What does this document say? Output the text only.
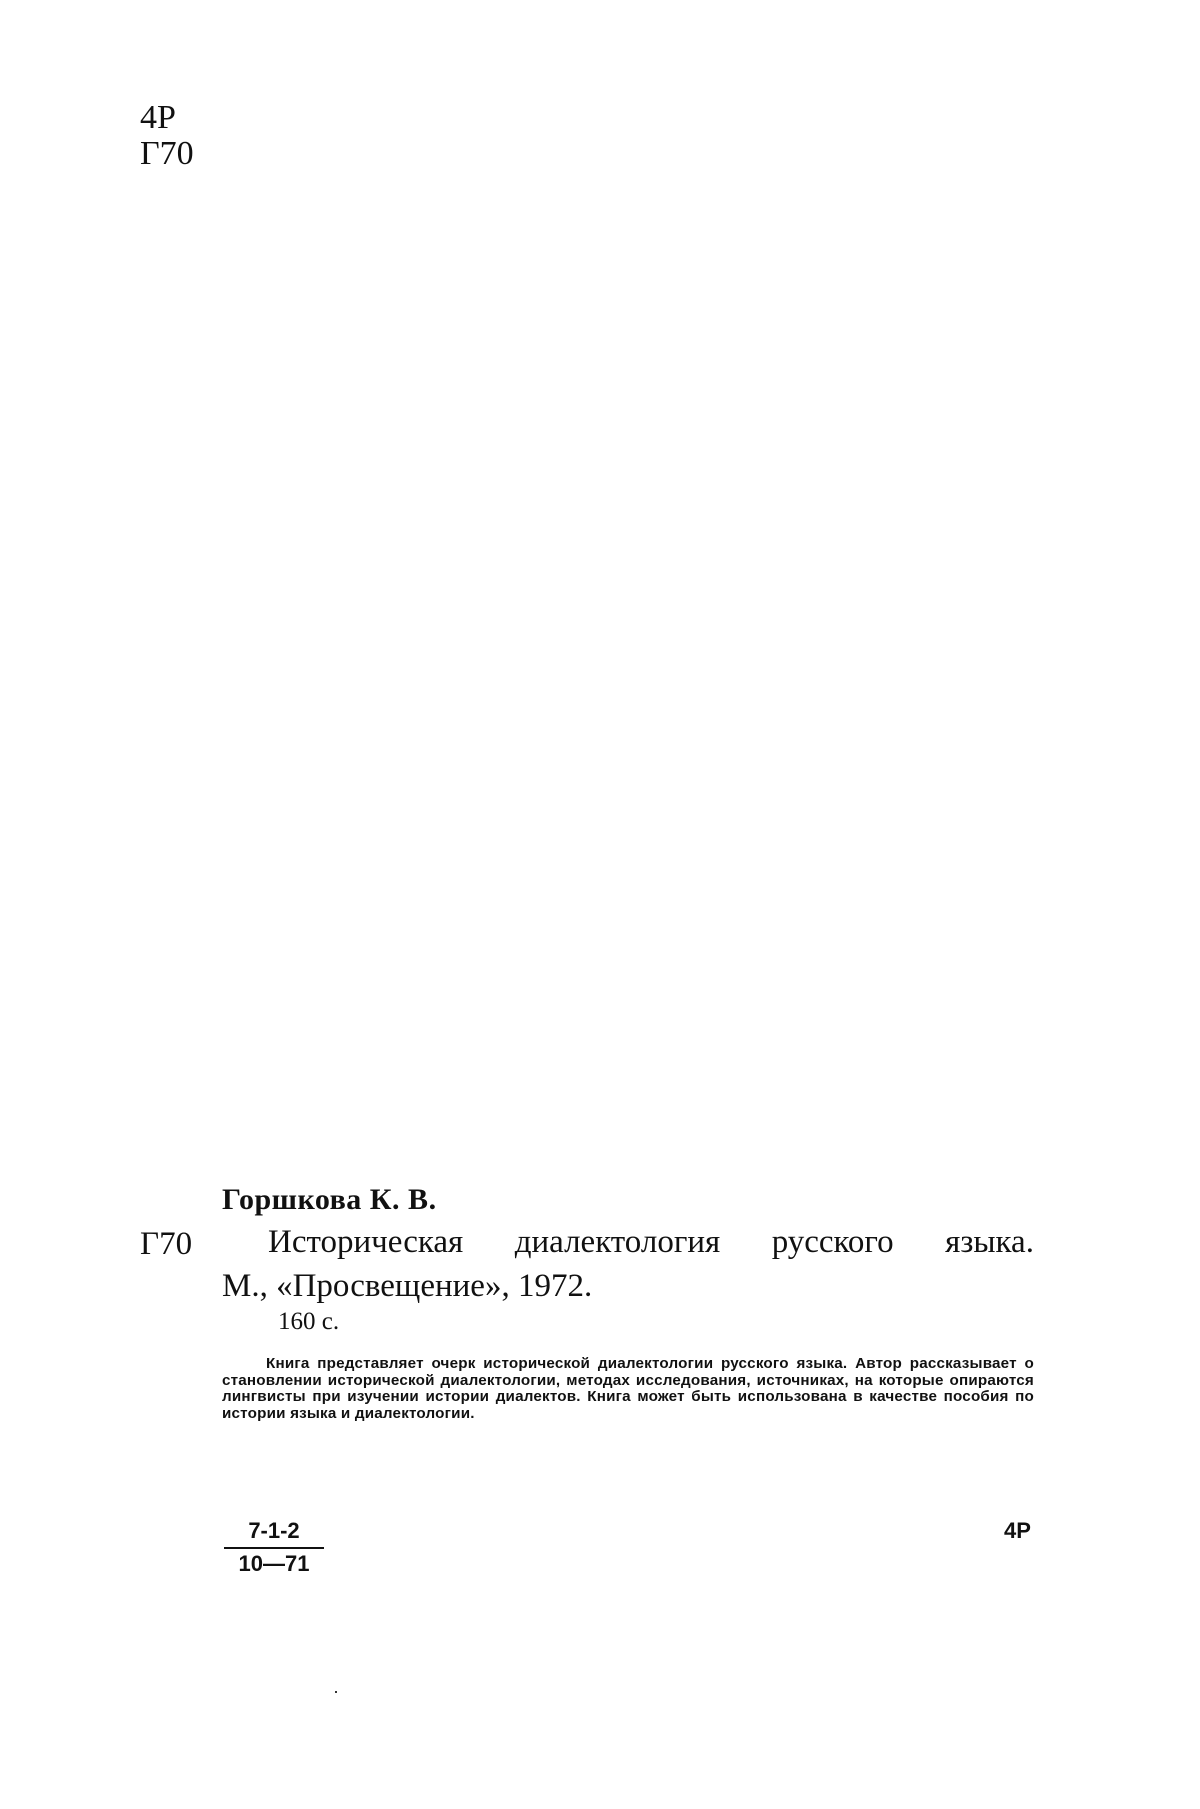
4Р
Г70
Горшкова К. В.
Г70 Историческая диалектология русского языка.
М., «Просвещение», 1972.
160 с.
Книга представляет очерк исторической диалектологии русского языка. Автор рассказывает о становлении исторической диалектологии, методах исследования, источниках, на которые опираются лингвисты при изучении истории диалектов. Книга может быть использована в качестве пособия по истории языка и диалектологии.
7-1-2
10—71
4Р
